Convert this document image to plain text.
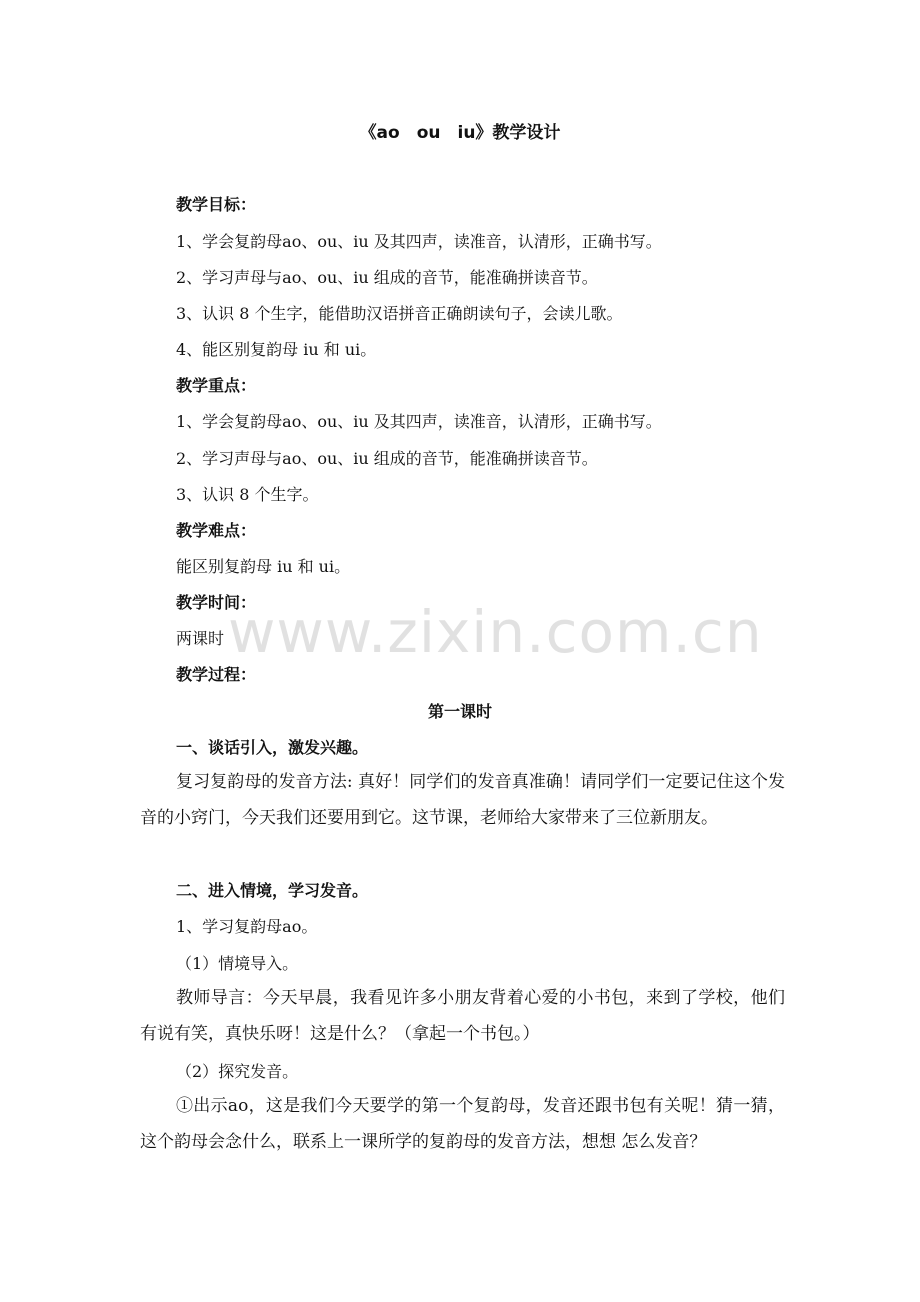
《ao　ou　iu》教学设计
教学目标：
1、学会复韵母ao、ou、iu 及其四声，读准音，认清形，正确书写。
2、学习声母与ao、ou、iu 组成的音节，能准确拼读音节。
3、认识 8 个生字，能借助汉语拼音正确朗读句子，会读儿歌。
4、能区别复韵母 iu 和 ui。
教学重点：
1、学会复韵母ao、ou、iu 及其四声，读准音，认清形，正确书写。
2、学习声母与ao、ou、iu 组成的音节，能准确拼读音节。
3、认识 8 个生字。
教学难点：
能区别复韵母 iu 和 ui。
教学时间：
两课时
教学过程：
第一课时
一、谈话引入，激发兴趣。
复习复韵母的发音方法: 真好！同学们的发音真准确！请同学们一定要记住这个发音的小窍门，今天我们还要用到它。这节课，老师给大家带来了三位新朋友。
二、进入情境，学习发音。
1、学习复韵母ao。
（1）情境导入。
教师导言：今天早晨，我看见许多小朋友背着心爱的小书包，来到了学校，他们有说有笑，真快乐呀！这是什么？（拿起一个书包。）
（2）探究发音。
①出示ao，这是我们今天要学的第一个复韵母，发音还跟书包有关呢！猜一猜，这个韵母会念什么，联系上一课所学的复韵母的发音方法，想想 怎么发音？
www.zixin.com.cn
